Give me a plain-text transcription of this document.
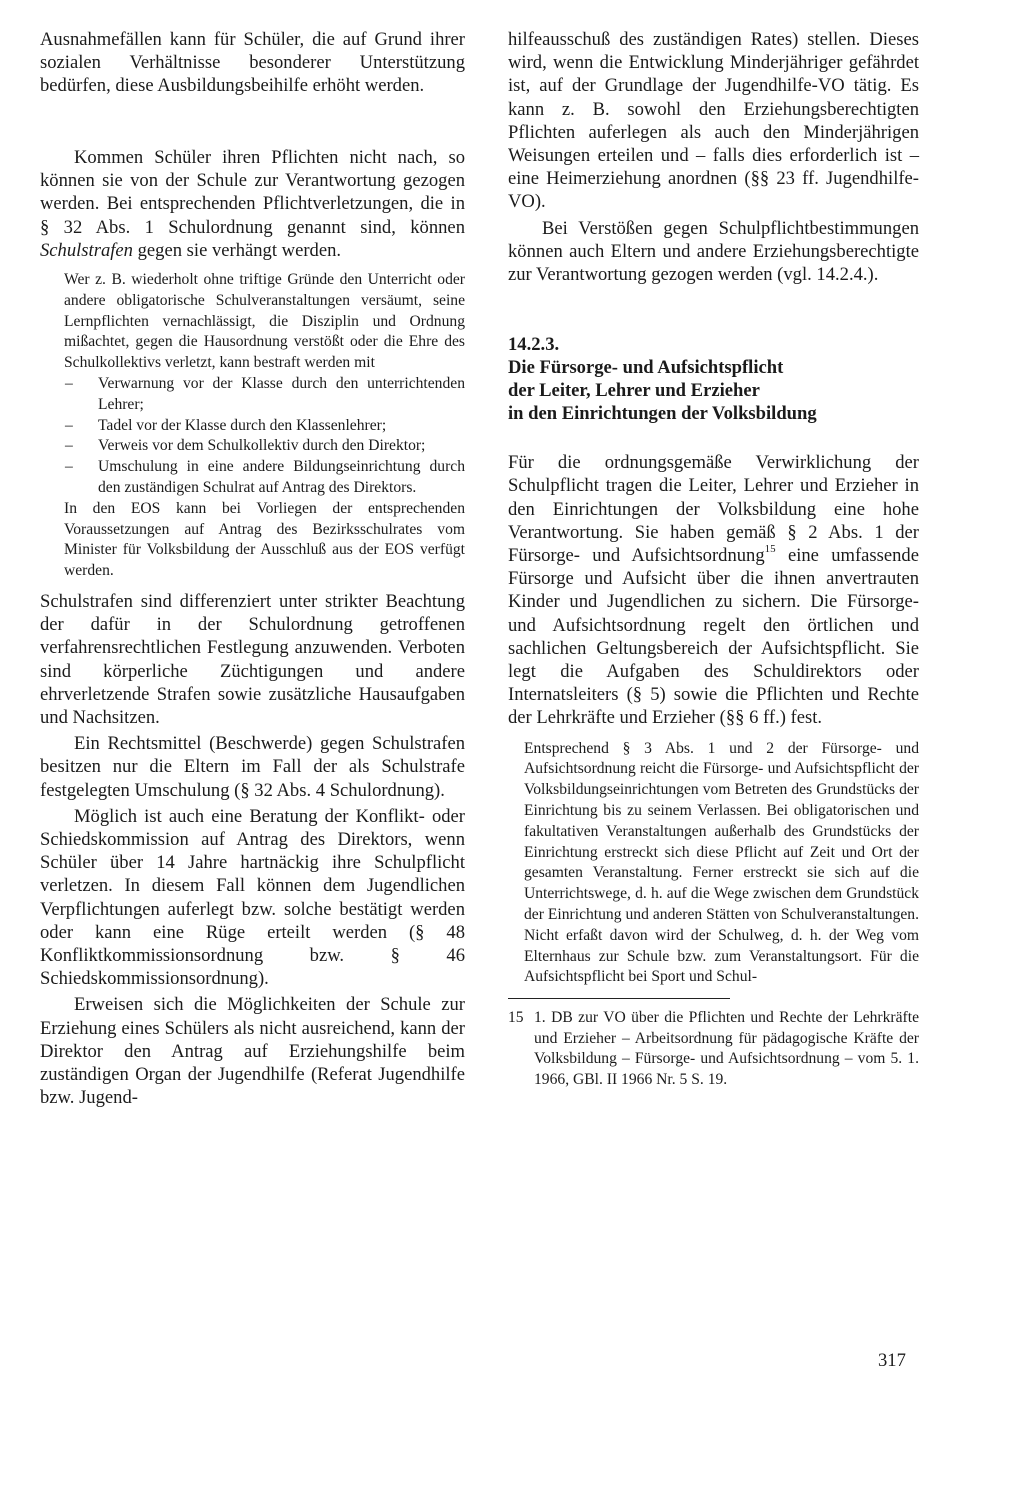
Ausnahmefällen kann für Schüler, die auf Grund ihrer sozialen Verhältnisse besonderer Unterstützung bedürfen, diese Ausbildungsbeihilfe erhöht werden.

Kommen Schüler ihren Pflichten nicht nach, so können sie von der Schule zur Verantwortung gezogen werden. Bei entsprechenden Pflichtverletzungen, die in § 32 Abs. 1 Schulordnung genannt sind, können Schulstrafen gegen sie verhängt werden.

Wer z. B. wiederholt ohne triftige Gründe den Unterricht oder andere obligatorische Schulveranstaltungen versäumt, seine Lernpflichten vernachlässigt, die Disziplin und Ordnung mißachtet, gegen die Hausordnung verstößt oder die Ehre des Schulkollektivs verletzt, kann bestraft werden mit

– Verwarnung vor der Klasse durch den unterrichtenden Lehrer;
– Tadel vor der Klasse durch den Klassenlehrer;
– Verweis vor dem Schulkollektiv durch den Direktor;
– Umschulung in eine andere Bildungseinrichtung durch den zuständigen Schulrat auf Antrag des Direktors.

In den EOS kann bei Vorliegen der entsprechenden Voraussetzungen auf Antrag des Bezirksschulrates vom Minister für Volksbildung der Ausschluß aus der EOS verfügt werden.

Schulstrafen sind differenziert unter strikter Beachtung der dafür in der Schulordnung getroffenen verfahrensrechtlichen Festlegung anzuwenden. Verboten sind körperliche Züchtigungen und andere ehrverletzende Strafen sowie zusätzliche Hausaufgaben und Nachsitzen.

Ein Rechtsmittel (Beschwerde) gegen Schulstrafen besitzen nur die Eltern im Fall der als Schulstrafe festgelegten Umschulung (§ 32 Abs. 4 Schulordnung).

Möglich ist auch eine Beratung der Konflikt- oder Schiedskommission auf Antrag des Direktors, wenn Schüler über 14 Jahre hartnäckig ihre Schulpflicht verletzen. In diesem Fall können dem Jugendlichen Verpflichtungen auferlegt bzw. solche bestätigt werden oder kann eine Rüge erteilt werden (§ 48 Konfliktkommissionsordnung bzw. § 46 Schiedskommissionsordnung).

Erweisen sich die Möglichkeiten der Schule zur Erziehung eines Schülers als nicht ausreichend, kann der Direktor den Antrag auf Erziehungshilfe beim zuständigen Organ der Jugendhilfe (Referat Jugendhilfe bzw. Jugend-

hilfeausschuß des zuständigen Rates) stellen. Dieses wird, wenn die Entwicklung Minderjähriger gefährdet ist, auf der Grundlage der Jugendhilfe-VO tätig. Es kann z. B. sowohl den Erziehungsberechtigten Pflichten auferlegen als auch den Minderjährigen Weisungen erteilen und – falls dies erforderlich ist – eine Heimerziehung anordnen (§§ 23 ff. Jugendhilfe-VO).

Bei Verstößen gegen Schulpflichtbestimmungen können auch Eltern und andere Erziehungsberechtigte zur Verantwortung gezogen werden (vgl. 14.2.4.).

14.2.3.
Die Fürsorge- und Aufsichtspflicht
der Leiter, Lehrer und Erzieher
in den Einrichtungen der Volksbildung

Für die ordnungsgemäße Verwirklichung der Schulpflicht tragen die Leiter, Lehrer und Erzieher in den Einrichtungen der Volksbildung eine hohe Verantwortung. Sie haben gemäß § 2 Abs. 1 der Fürsorge- und Aufsichtsordnung$^{15}$ eine umfassende Fürsorge und Aufsicht über die ihnen anvertrauten Kinder und Jugendlichen zu sichern. Die Fürsorge- und Aufsichtsordnung regelt den örtlichen und sachlichen Geltungsbereich der Aufsichtspflicht. Sie legt die Aufgaben des Schuldirektors oder Internatsleiters (§ 5) sowie die Pflichten und Rechte der Lehrkräfte und Erzieher (§§ 6 ff.) fest.

Entsprechend § 3 Abs. 1 und 2 der Fürsorge- und Aufsichtsordnung reicht die Fürsorge- und Aufsichtspflicht der Volksbildungseinrichtungen vom Betreten des Grundstücks der Einrichtung bis zu seinem Verlassen. Bei obligatorischen und fakultativen Veranstaltungen außerhalb des Grundstücks der Einrichtung erstreckt sich diese Pflicht auf Zeit und Ort der gesamten Veranstaltung. Ferner erstreckt sie sich auf die Unterrichtswege, d. h. auf die Wege zwischen dem Grundstück der Einrichtung und anderen Stätten von Schulveranstaltungen. Nicht erfaßt davon wird der Schulweg, d. h. der Weg vom Elternhaus zur Schule bzw. zum Veranstaltungsort. Für die Aufsichtspflicht bei Sport und Schul-

15 1. DB zur VO über die Pflichten und Rechte der Lehrkräfte und Erzieher – Arbeitsordnung für pädagogische Kräfte der Volksbildung – Fürsorge- und Aufsichtsordnung – vom 5. 1. 1966, GBl. II 1966 Nr. 5 S. 19.
317
